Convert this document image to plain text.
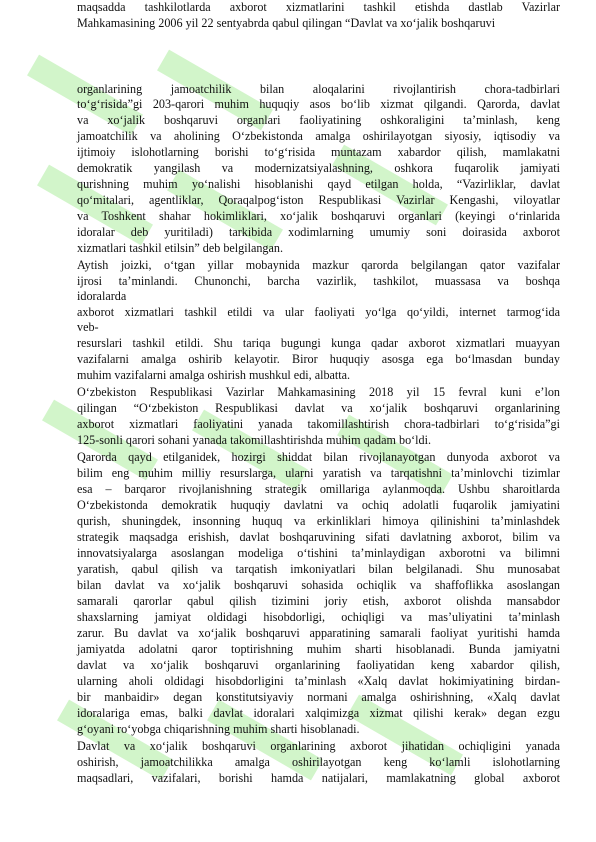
maqsadda tashkilotlarda axborot xizmatlarini tashkil etishda dastlab Vazirlar

Mahkamasining 2006 yil 22 sentyabrda qabul qilingan “Davlat va xo‘jalik boshqaruvi

organlarining jamoatchilik bilan aloqalarini rivojlantirish chora-tadbirlari

to‘g‘risida”gi 203-qarori muhim huquqiy asos bo‘lib xizmat qilgandi. Qarorda, davlat

va xo‘jalik boshqaruvi organlari faoliyatining oshkoraligini ta’minlash, keng

jamoatchilik va aholining O‘zbekistonda amalga oshirilayotgan siyosiy, iqtisodiy va

ijtimoiy islohotlarning borishi to‘g‘risida muntazam xabardor qilish, mamlakatni

demokratik yangilash va modernizatsiyalashning, oshkora fuqarolik jamiyati

qurishning muhim yo‘nalishi hisoblanishi qayd etilgan holda, “Vazirliklar, davlat

qo‘mitalari, agentliklar, Qoraqalpog‘iston Respublikasi Vazirlar Kengashi, viloyatlar

va Toshkent shahar hokimliklari, xo‘jalik boshqaruvi organlari (keyingi o‘rinlarida

idoralar deb yuritiladi) tarkibida xodimlarning umumiy soni doirasida axborot

xizmatlari tashkil etilsin” deb belgilangan.

Aytish joizki, o‘tgan yillar mobaynida mazkur qarorda belgilangan qator vazifalar

ijrosi ta’minlandi. Chunonchi, barcha vazirlik, tashkilot, muassasa va boshqa

idoralarda

axborot xizmatlari tashkil etildi va ular faoliyati yo‘lga qo‘yildi, internet tarmog‘ida

veb-

resurslari tashkil etildi. Shu tariqa bugungi kunga qadar axborot xizmatlari muayyan

vazifalarni amalga oshirib kelayotir. Biror huquqiy asosga ega bo‘lmasdan bunday

muhim vazifalarni amalga oshirish mushkul edi, albatta.

O‘zbekiston Respublikasi Vazirlar Mahkamasining 2018 yil 15 fevral kuni e’lon

qilingan “O‘zbekiston Respublikasi davlat va xo‘jalik boshqaruvi organlarining

axborot xizmatlari faoliyatini yanada takomillashtirish chora-tadbirlari to‘g‘risida”gi

125-sonli qarori sohani yanada takomillashtirishda muhim qadam bo‘ldi.

Qarorda qayd etilganidek, hozirgi shiddat bilan rivojlanayotgan dunyoda axborot va

bilim eng muhim milliy resurslarga, ularni yaratish va tarqatishni ta’minlovchi tizimlar

esa – barqaror rivojlanishning strategik omillariga aylanmoqda. Ushbu sharoitlarda

O‘zbekistonda demokratik huquqiy davlatni va ochiq adolatli fuqarolik jamiyatini

qurish, shuningdek, insonning huquq va erkinliklari himoya qilinishini ta’minlashdek

strategik maqsadga erishish, davlat boshqaruvining sifati davlatning axborot, bilim va

innovatsiyalarga asoslangan modeliga o‘tishini ta’minlaydigan axborotni va bilimni

yaratish, qabul qilish va tarqatish imkoniyatlari bilan belgilanadi. Shu munosabat

bilan davlat va xo‘jalik boshqaruvi sohasida ochiqlik va shaffoflikka asoslangan

samarali qarorlar qabul qilish tizimini joriy etish, axborot olishda mansabdor

shaxslarning jamiyat oldidagi hisobdorligi, ochiqligi va mas’uliyatini ta’minlash

zarur. Bu davlat va xo‘jalik boshqaruvi apparatining samarali faoliyat yuritishi hamda

jamiyatda adolatni qaror toptirishning muhim sharti hisoblanadi. Bunda jamiyatni

davlat va xo‘jalik boshqaruvi organlarining faoliyatidan keng xabardor qilish,

ularning aholi oldidagi hisobdorligini ta’minlash «Xalq davlat hokimiyatining birdan-

bir manbaidir» degan konstitutsiyaviy normani amalga oshirishning, «Xalq davlat

idoralariga emas, balki davlat idoralari xalqimizga xizmat qilishi kerak» degan ezgu

g‘oyani ro‘yobga chiqarishning muhim sharti hisoblanadi.

Davlat va xo‘jalik boshqaruvi organlarining axborot jihatidan ochiqligini yanada

oshirish, jamoatchilikka amalga oshirilayotgan keng ko‘lamli islohotlarning

maqsadlari, vazifalari, borishi hamda natijalari, mamlakatning global axborot
